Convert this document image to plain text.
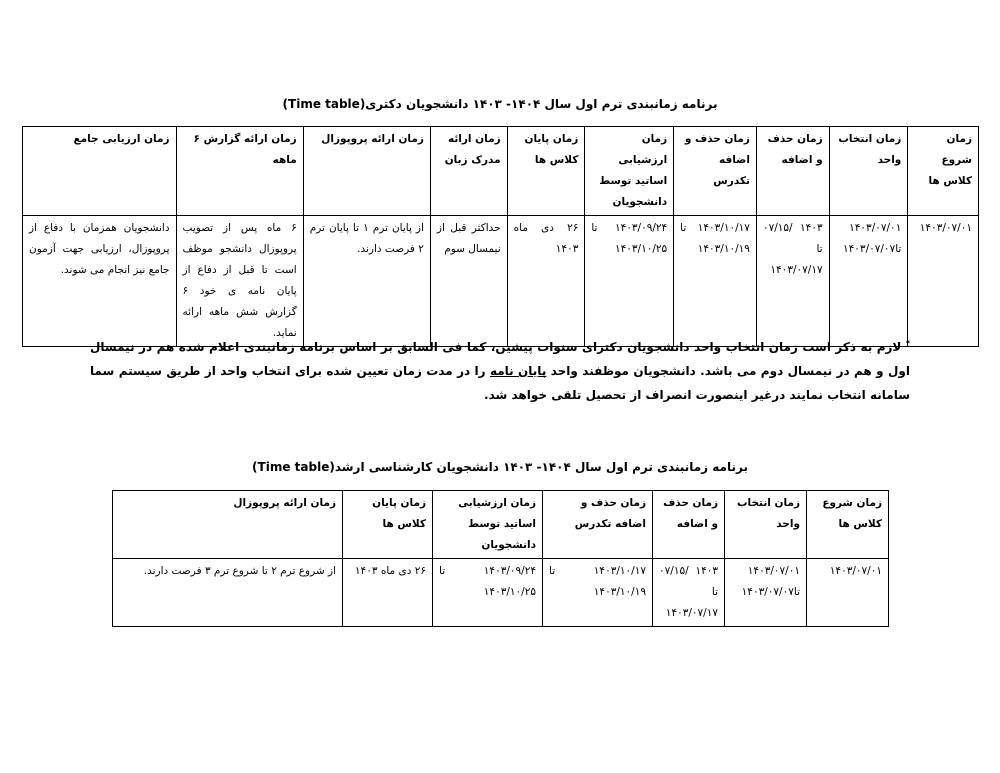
برنامه زمانبندی ترم اول سال ۱۴۰۴- ۱۴۰۳ دانشجویان دکتری(Time table)
زمان شروع کلاس ها	زمان انتخاب واحد	زمان حذف و اضافه	زمان حذف و اضافه تکدرس	زمان ارزشیابی اساتید توسط دانشجویان	زمان پایان کلاس ها	زمان ارائه مدرک زبان	زمان ارائه پروپوزال	زمان ارائه گزارش ۶ ماهه	زمان ارزیابی جامع
۱۴۰۳/۰۷/۰۱	۱۴۰۳/۰۷/۰۱ تا۱۴۰۳/۰۷/۰۷	۱۴۰۳ /۰۷/۱۵ تا ۱۴۰۳/۰۷/۱۷	۱۴۰۳/۱۰/۱۷ تا ۱۴۰۳/۱۰/۱۹	۱۴۰۳/۰۹/۲۴ تا ۱۴۰۳/۱۰/۲۵	۲۶ دی ماه ۱۴۰۳	حداکثر قبل از نیمسال سوم	از پایان ترم ۱ تا پایان ترم ۲ فرصت دارند.	۶ ماه پس از تصویب پروپوزال دانشجو موظف است تا قبل از دفاع از پایان نامه ی خود ۶ گزارش شش ماهه ارائه نماید.	دانشجویان همزمان با دفاع از پروپوزال، ارزیابی جهت آزمون جامع نیز انجام می شوند.
* لازم به ذکر است زمان انتخاب واحد دانشجویان دکترای سنوات پیشین، کما فی السابق بر اساس برنامه زمانبندی اعلام شده هم در نیمسال اول و هم در نیمسال دوم می باشد. دانشجویان موظفند واحد پایان نامه را در مدت زمان تعیین شده برای انتخاب واحد از طریق سیستم سما سامانه انتخاب نمایند درغیر اینصورت انصراف از تحصیل تلقی خواهد شد.
برنامه زمانبندی ترم اول سال ۱۴۰۴- ۱۴۰۳ دانشجویان کارشناسی ارشد(Time table)
زمان شروع کلاس ها	زمان انتخاب واحد	زمان حذف و اضافه	زمان حذف و اضافه تکدرس	زمان ارزشیابی اساتید توسط دانشجویان	زمان پایان کلاس ها	زمان ارائه پروپوزال
۱۴۰۳/۰۷/۰۱	۱۴۰۳/۰۷/۰۱ تا۱۴۰۳/۰۷/۰۷	۱۴۰۳ /۰۷/۱۵ تا ۱۴۰۳/۰۷/۱۷	۱۴۰۳/۱۰/۱۷ تا ۱۴۰۳/۱۰/۱۹	۱۴۰۳/۰۹/۲۴ تا ۱۴۰۳/۱۰/۲۵	۲۶ دی ماه ۱۴۰۳	از شروع ترم ۲ تا شروع ترم ۳ فرصت دارند.
